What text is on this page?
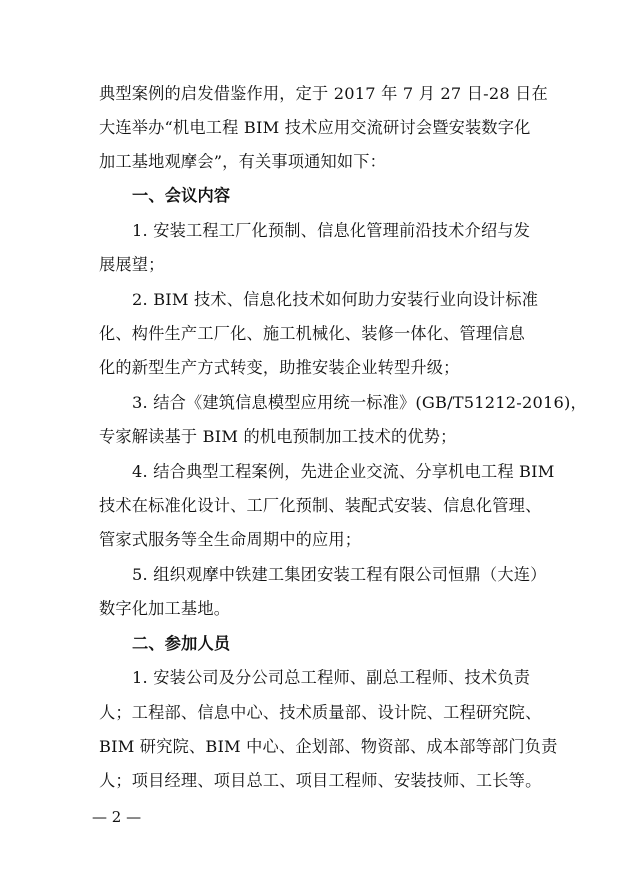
典型案例的启发借鉴作用，定于 2017 年 7 月 27 日-28 日在
大连举办“机电工程 BIM 技术应用交流研讨会暨安装数字化
加工基地观摩会”，有关事项通知如下：
一、会议内容
1. 安装工程工厂化预制、信息化管理前沿技术介绍与发
展展望；
2. BIM 技术、信息化技术如何助力安装行业向设计标准
化、构件生产工厂化、施工机械化、装修一体化、管理信息
化的新型生产方式转变，助推安装企业转型升级；
3. 结合《建筑信息模型应用统一标准》(GB/T51212-2016)，
专家解读基于 BIM 的机电预制加工技术的优势；
4. 结合典型工程案例，先进企业交流、分享机电工程 BIM
技术在标准化设计、工厂化预制、装配式安装、信息化管理、
管家式服务等全生命周期中的应用；
5. 组织观摩中铁建工集团安装工程有限公司恒鼎（大连）
数字化加工基地。
二、参加人员
1. 安装公司及分公司总工程师、副总工程师、技术负责
人；工程部、信息中心、技术质量部、设计院、工程研究院、
BIM 研究院、BIM 中心、企划部、物资部、成本部等部门负责
人；项目经理、项目总工、项目工程师、安装技师、工长等。
— 2 —
